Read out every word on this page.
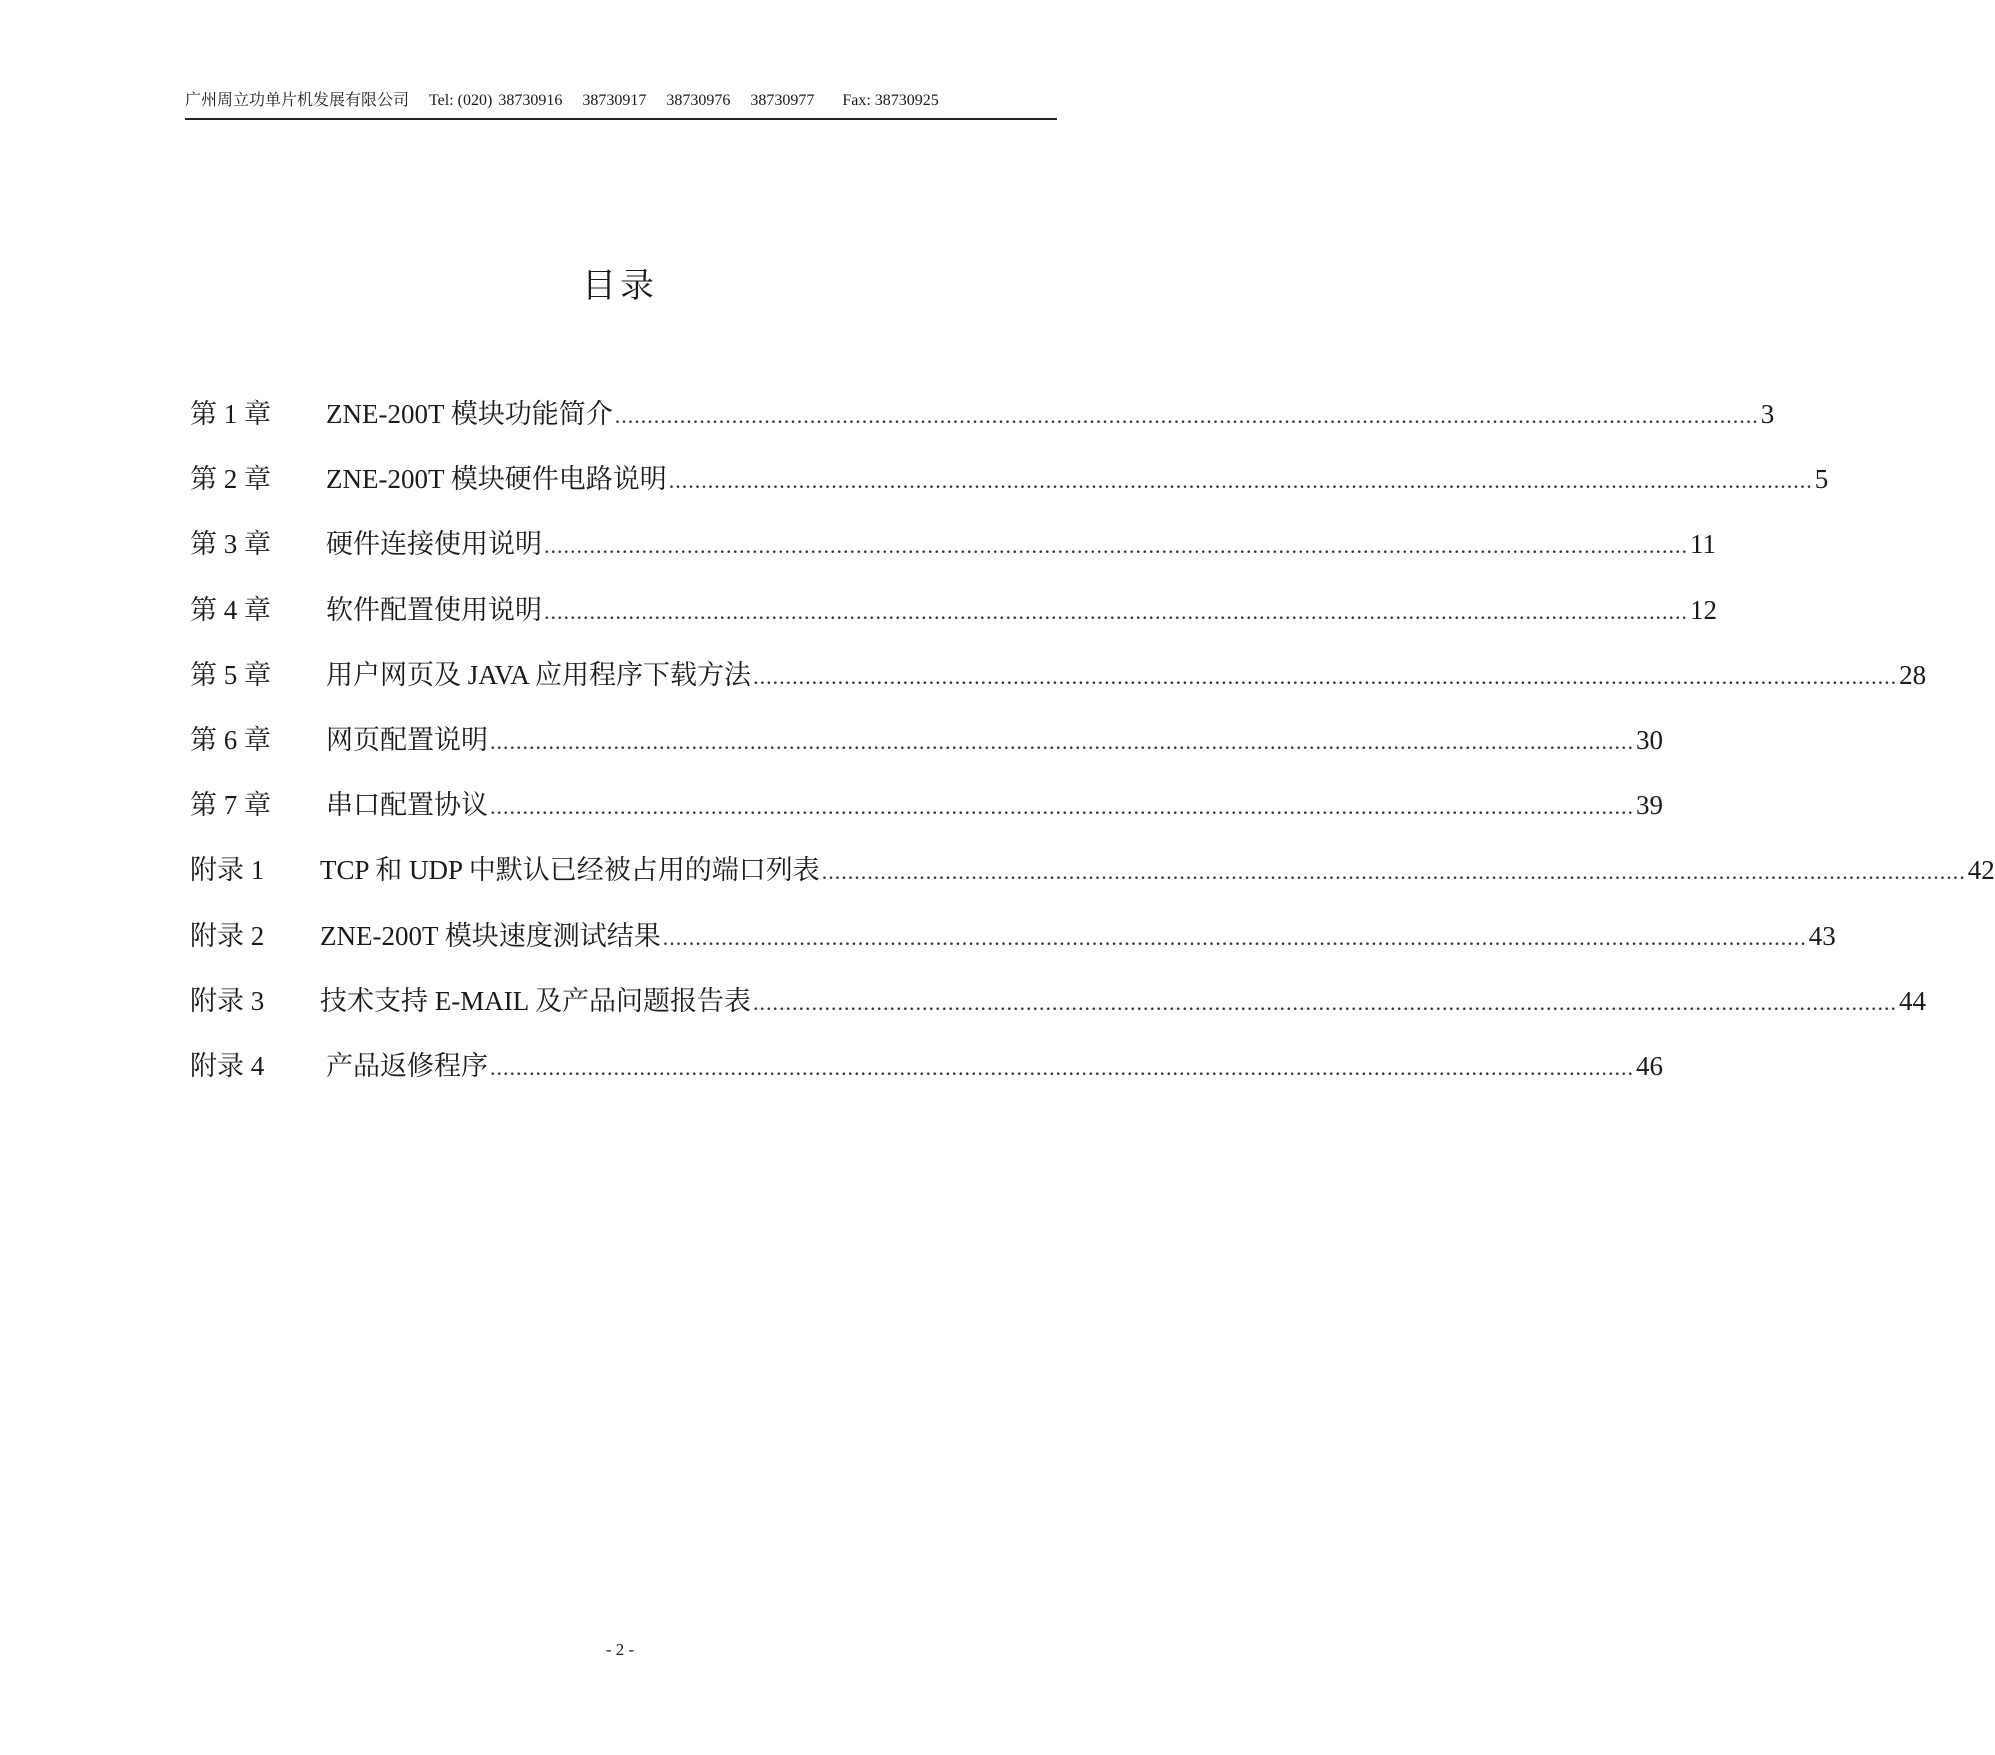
广州周立功单片机发展有限公司 Tel: (020) 38730916 38730917 38730976 38730977 Fax: 38730925
目录
第 1 章	ZNE-200T 模块功能简介 .....	3
第 2 章	ZNE-200T 模块硬件电路说明 .....	5
第 3 章	硬件连接使用说明 .....	11
第 4 章	软件配置使用说明 .....	12
第 5 章	用户网页及 JAVA 应用程序下载方法 .....	28
第 6 章	网页配置说明 .....	30
第 7 章	串口配置协议 .....	39
附录 1	TCP 和 UDP 中默认已经被占用的端口列表 .....	42
附录 2	ZNE-200T 模块速度测试结果 .....	43
附录 3	技术支持 E-MAIL 及产品问题报告表 .....	44
附录 4	产品返修程序 .....	46
- 2 -
